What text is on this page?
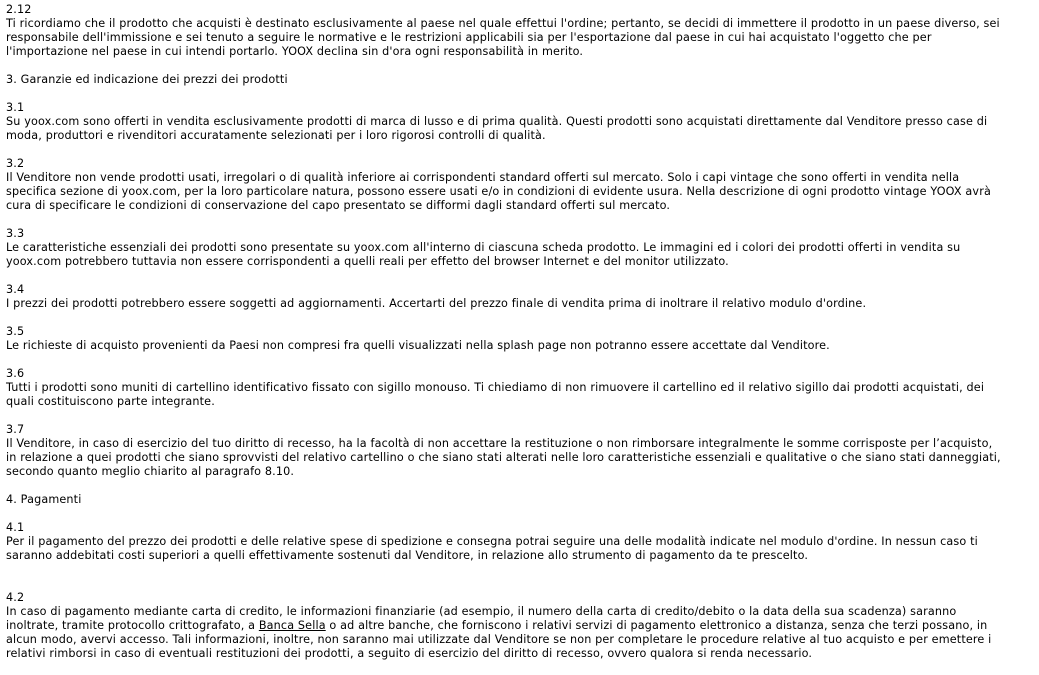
2.12
Ti ricordiamo che il prodotto che acquisti è destinato esclusivamente al paese nel quale effettui l'ordine; pertanto, se decidi di immettere il prodotto in un paese diverso, sei responsabile dell'immissione e sei tenuto a seguire le normative e le restrizioni applicabili sia per l'esportazione dal paese in cui hai acquistato l'oggetto che per l'importazione nel paese in cui intendi portarlo. YOOX declina sin d'ora ogni responsabilità in merito.
3. Garanzie ed indicazione dei prezzi dei prodotti
3.1
Su yoox.com sono offerti in vendita esclusivamente prodotti di marca di lusso e di prima qualità. Questi prodotti sono acquistati direttamente dal Venditore presso case di moda, produttori e rivenditori accuratamente selezionati per i loro rigorosi controlli di qualità.
3.2
Il Venditore non vende prodotti usati, irregolari o di qualità inferiore ai corrispondenti standard offerti sul mercato. Solo i capi vintage che sono offerti in vendita nella specifica sezione di yoox.com, per la loro particolare natura, possono essere usati e/o in condizioni di evidente usura. Nella descrizione di ogni prodotto vintage YOOX avrà cura di specificare le condizioni di conservazione del capo presentato se difformi dagli standard offerti sul mercato.
3.3
Le caratteristiche essenziali dei prodotti sono presentate su yoox.com all'interno di ciascuna scheda prodotto. Le immagini ed i colori dei prodotti offerti in vendita su yoox.com potrebbero tuttavia non essere corrispondenti a quelli reali per effetto del browser Internet e del monitor utilizzato.
3.4
I prezzi dei prodotti potrebbero essere soggetti ad aggiornamenti. Accertarti del prezzo finale di vendita prima di inoltrare il relativo modulo d'ordine.
3.5
Le richieste di acquisto provenienti da Paesi non compresi fra quelli visualizzati nella splash page non potranno essere accettate dal Venditore.
3.6
Tutti i prodotti sono muniti di cartellino identificativo fissato con sigillo monouso. Ti chiediamo di non rimuovere il cartellino ed il relativo sigillo dai prodotti acquistati, dei quali costituiscono parte integrante.
3.7
Il Venditore, in caso di esercizio del tuo diritto di recesso, ha la facoltà di non accettare la restituzione o non rimborsare integralmente le somme corrisposte per l’acquisto, in relazione a quei prodotti che siano sprovvisti del relativo cartellino o che siano stati alterati nelle loro caratteristiche essenziali e qualitative o che siano stati danneggiati, secondo quanto meglio chiarito al paragrafo 8.10.
4. Pagamenti
4.1
Per il pagamento del prezzo dei prodotti e delle relative spese di spedizione e consegna potrai seguire una delle modalità indicate nel modulo d'ordine. In nessun caso ti saranno addebitati costi superiori a quelli effettivamente sostenuti dal Venditore, in relazione allo strumento di pagamento da te prescelto.
4.2
In caso di pagamento mediante carta di credito, le informazioni finanziarie (ad esempio, il numero della carta di credito/debito o la data della sua scadenza) saranno inoltrate, tramite protocollo crittografato, a Banca Sella o ad altre banche, che forniscono i relativi servizi di pagamento elettronico a distanza, senza che terzi possano, in alcun modo, avervi accesso. Tali informazioni, inoltre, non saranno mai utilizzate dal Venditore se non per completare le procedure relative al tuo acquisto e per emettere i relativi rimborsi in caso di eventuali restituzioni dei prodotti, a seguito di esercizio del diritto di recesso, ovvero qualora si renda necessario.
